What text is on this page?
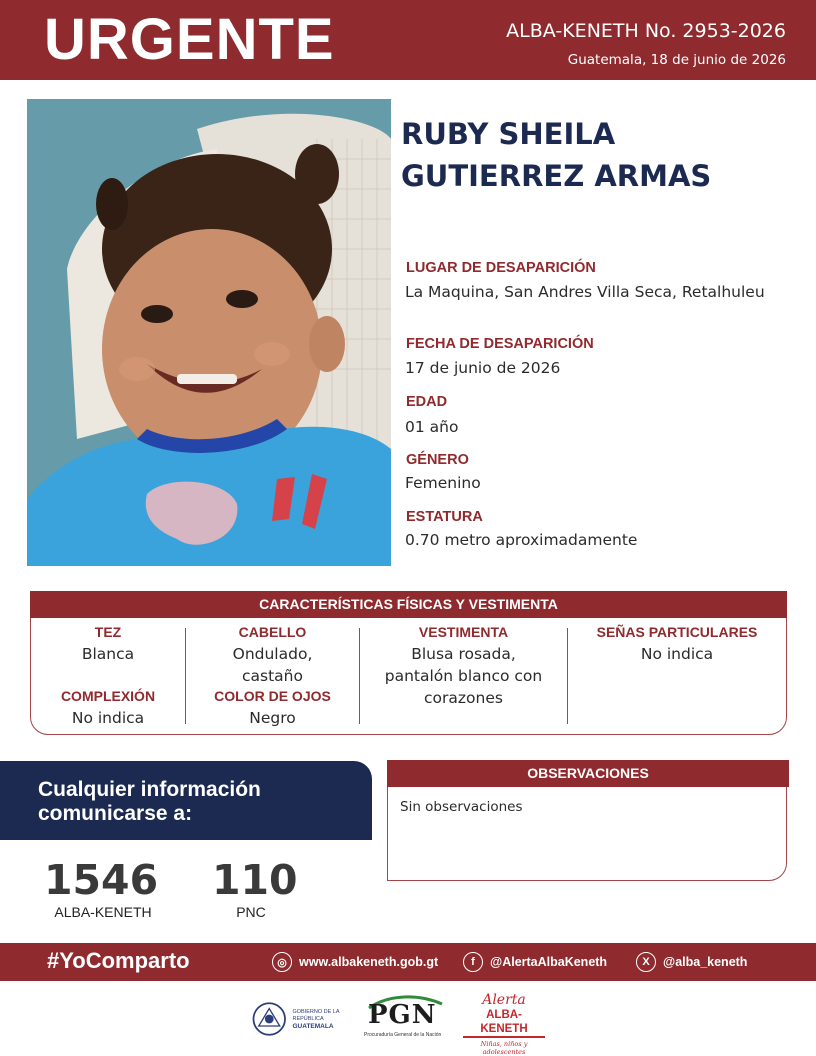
URGENTE	ALBA-KENETH No. 2953-2026
Guatemala, 18 de junio de 2026
RUBY SHEILA
GUTIERREZ ARMAS
LUGAR DE DESAPARICIÓN
La Maquina, San Andres Villa Seca, Retalhuleu
FECHA DE DESAPARICIÓN
17 de junio de 2026
EDAD
01 año
GÉNERO
Femenino
ESTATURA
0.70 metro aproximadamente
CARACTERÍSTICAS FÍSICAS Y VESTIMENTA
TEZ
Blanca
COMPLEXIÓN
No indica
CABELLO
Ondulado,
castaño
COLOR DE OJOS
Negro
VESTIMENTA
Blusa rosada,
pantalón blanco con
corazones
SEÑAS PARTICULARES
No indica
Cualquier información
comunicarse a:
1546
ALBA-KENETH
110
PNC
OBSERVACIONES
Sin observaciones
#YoComparto	◎ www.albakeneth.gob.gt	f	@AlertaAlbaKeneth	X	@alba_keneth
GOBIERNO DE LA REPÚBLICA
GUATEMALA	PGN
Procuraduría General de la Nación
Alerta
ALBA-KENETH
Niñas, niños y adolescentes
